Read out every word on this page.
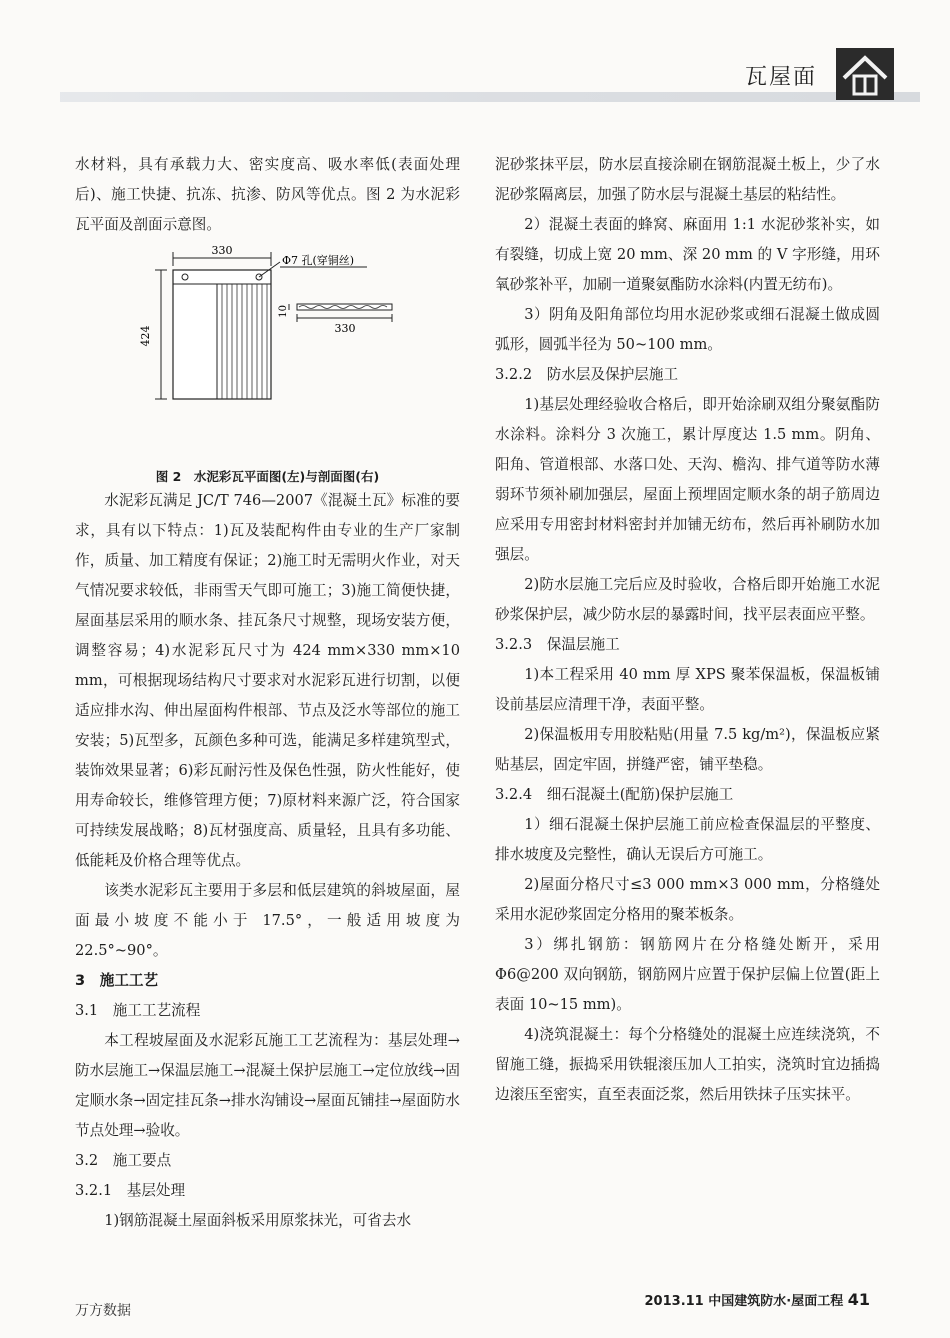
瓦屋面

水材料，具有承载力大、密实度高、吸水率低(表面处理后)、施工快捷、抗冻、抗渗、防风等优点。图 2 为水泥彩瓦平面及剖面示意图。

330
424
Φ7 孔(穿铜丝)
10
330
图 2　水泥彩瓦平面图(左)与剖面图(右)

水泥彩瓦满足 JC/T 746—2007《混凝土瓦》标准的要求，具有以下特点：1)瓦及装配构件由专业的生产厂家制作，质量、加工精度有保证；2)施工时无需明火作业，对天气情况要求较低，非雨雪天气即可施工；3)施工简便快捷，屋面基层采用的顺水条、挂瓦条尺寸规整，现场安装方便，调整容易；4)水泥彩瓦尺寸为 424 mm×330 mm×10 mm，可根据现场结构尺寸要求对水泥彩瓦进行切割，以便适应排水沟、伸出屋面构件根部、节点及泛水等部位的施工安装；5)瓦型多，瓦颜色多种可选，能满足多样建筑型式，装饰效果显著；6)彩瓦耐污性及保色性强，防火性能好，使用寿命较长，维修管理方便；7)原材料来源广泛，符合国家可持续发展战略；8)瓦材强度高、质量轻，且具有多功能、低能耗及价格合理等优点。

该类水泥彩瓦主要用于多层和低层建筑的斜坡屋面，屋面最小坡度不能小于 17.5°，一般适用坡度为 22.5°~90°。

3　施工工艺

3.1　施工工艺流程

本工程坡屋面及水泥彩瓦施工工艺流程为：基层处理→防水层施工→保温层施工→混凝土保护层施工→定位放线→固定顺水条→固定挂瓦条→排水沟铺设→屋面瓦铺挂→屋面防水节点处理→验收。

3.2　施工要点

3.2.1　基层处理

1)钢筋混凝土屋面斜板采用原浆抹光，可省去水

泥砂浆抹平层，防水层直接涂刷在钢筋混凝土板上，少了水泥砂浆隔离层，加强了防水层与混凝土基层的粘结性。

2）混凝土表面的蜂窝、麻面用 1:1 水泥砂浆补实，如有裂缝，切成上宽 20 mm、深 20 mm 的 V 字形缝，用环氧砂浆补平，加刷一道聚氨酯防水涂料(内置无纺布)。

3）阴角及阳角部位均用水泥砂浆或细石混凝土做成圆弧形，圆弧半径为 50~100 mm。

3.2.2　防水层及保护层施工

1)基层处理经验收合格后，即开始涂刷双组分聚氨酯防水涂料。涂料分 3 次施工，累计厚度达 1.5 mm。阴角、阳角、管道根部、水落口处、天沟、檐沟、排气道等防水薄弱环节须补刷加强层，屋面上预埋固定顺水条的胡子筋周边应采用专用密封材料密封并加铺无纺布，然后再补刷防水加强层。

2)防水层施工完后应及时验收，合格后即开始施工水泥砂浆保护层，减少防水层的暴露时间，找平层表面应平整。

3.2.3　保温层施工

1)本工程采用 40 mm 厚 XPS 聚苯保温板，保温板铺设前基层应清理干净，表面平整。

2)保温板用专用胶粘贴(用量 7.5 kg/m²)，保温板应紧贴基层，固定牢固，拼缝严密，铺平垫稳。

3.2.4　细石混凝土(配筋)保护层施工

1）细石混凝土保护层施工前应检查保温层的平整度、排水坡度及完整性，确认无误后方可施工。

2)屋面分格尺寸≤3 000 mm×3 000 mm，分格缝处采用水泥砂浆固定分格用的聚苯板条。

3）绑扎钢筋：钢筋网片在分格缝处断开，采用 Φ6@200 双向钢筋，钢筋网片应置于保护层偏上位置(距上表面 10~15 mm)。

4)浇筑混凝土：每个分格缝处的混凝土应连续浇筑，不留施工缝，振捣采用铁辊滚压加人工拍实，浇筑时宜边插捣边滚压至密实，直至表面泛浆，然后用铁抹子压实抹平。

2013.11 中国建筑防水·屋面工程 41
万方数据
